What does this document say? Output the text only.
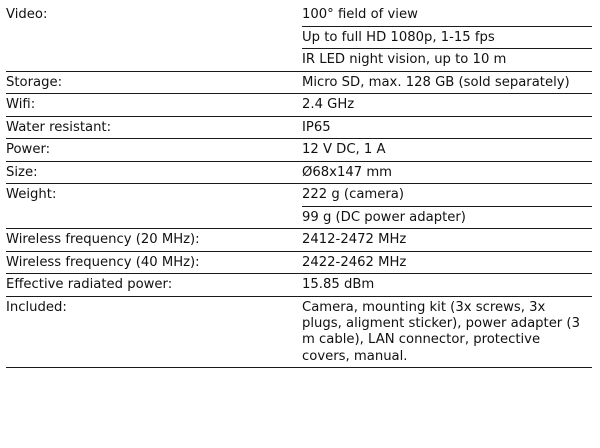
Video:	100° field of view
Up to full HD 1080p, 1-15 fps
IR LED night vision, up to 10 m

Storage:	Micro SD, max. 128 GB (sold separately)
Wifi:	2.4 GHz
Water resistant:	IP65
Power:	12 V DC, 1 A
Size:	Ø68x147 mm
Weight:	222 g (camera)
99 g (DC power adapter)

Wireless frequency (20 MHz):	2412-2472 MHz
Wireless frequency (40 MHz):	2422-2462 MHz
Effective radiated power:	15.85 dBm
Included:	Camera, mounting kit (3x screws, 3x plugs, aligment sticker), power adapter (3 m cable), LAN connector, protective covers, manual.
